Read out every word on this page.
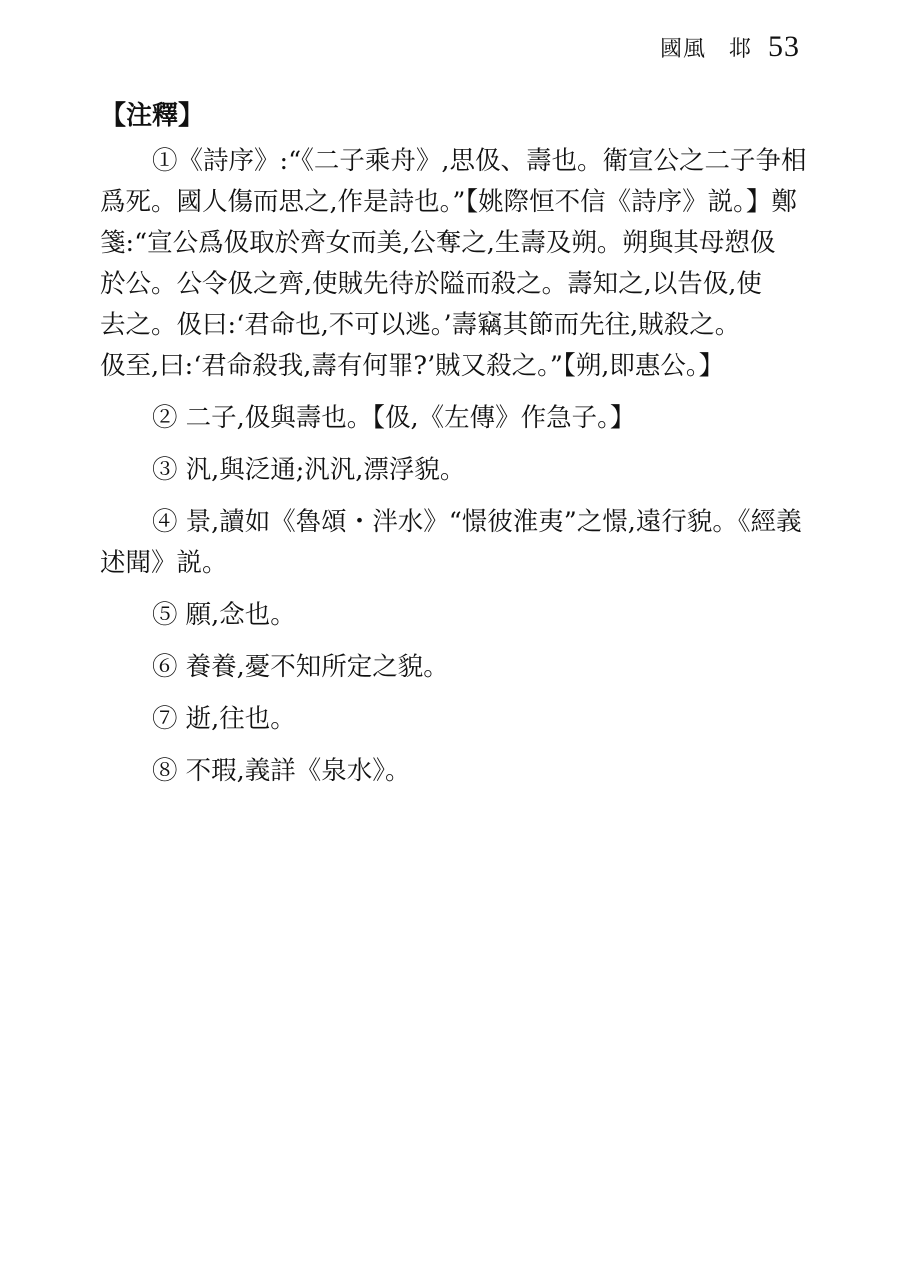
國風　邶 53
【注釋】
①《詩序》:“《二子乘舟》,思伋、壽也。衛宣公之二子争相
爲死。國人傷而思之,作是詩也。”【姚際恒不信《詩序》説。】鄭
箋:“宣公爲伋取於齊女而美,公奪之,生壽及朔。朔與其母愬伋
於公。公令伋之齊,使賊先待於隘而殺之。壽知之,以告伋,使
去之。伋曰:‘君命也,不可以逃。’壽竊其節而先往,賊殺之。
伋至,曰:‘君命殺我,壽有何罪?’賊又殺之。”【朔,即惠公。】
② 二子,伋與壽也。【伋,《左傳》作急子。】
③ 汎,與泛通;汎汎,漂浮貌。
④ 景,讀如《魯頌・泮水》“憬彼淮夷”之憬,遠行貌。《經義
述聞》説。
⑤ 願,念也。
⑥ 養養,憂不知所定之貌。
⑦ 逝,往也。
⑧ 不瑕,義詳《泉水》。
